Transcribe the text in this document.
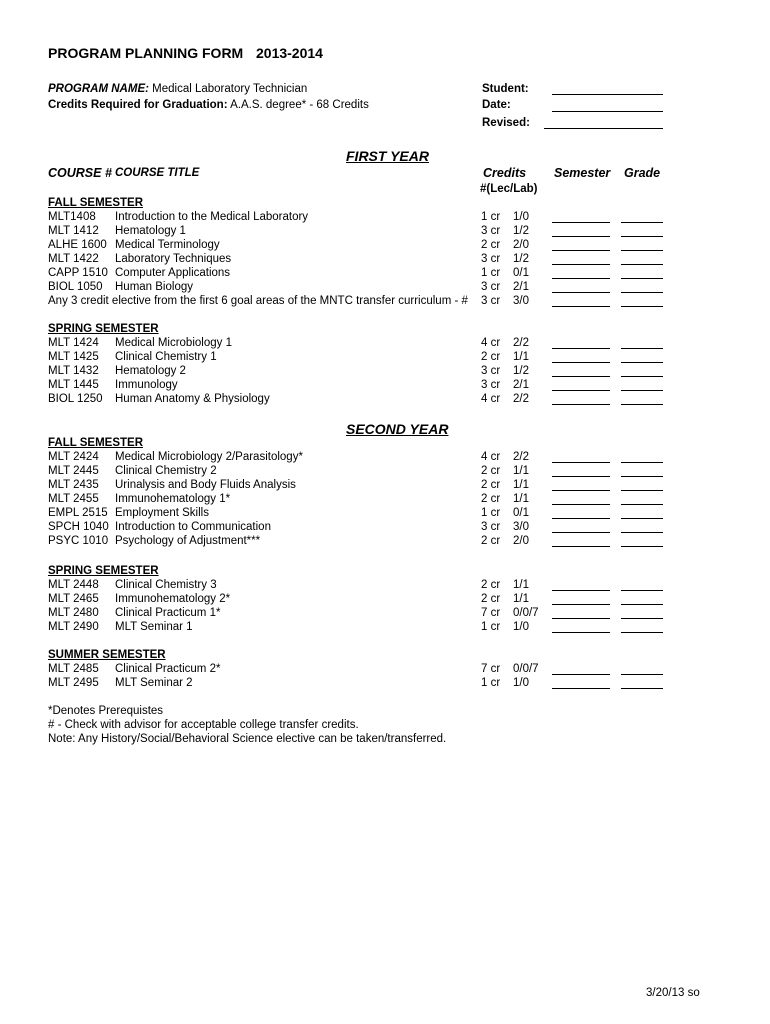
PROGRAM PLANNING FORM 2013-2014
PROGRAM NAME: Medical Laboratory Technician
Credits Required for Graduation: A.A.S. degree* - 68 Credits
Student:
Date:
Revised:
FIRST YEAR
COURSE # COURSE TITLE	Credits
#(Lec/Lab)
Semester Grade
FALL SEMESTER
MLT1408 Introduction to the Medical Laboratory	1 cr 1/0
MLT 1412 Hematology 1	3 cr 1/2
ALHE 1600 Medical Terminology	2 cr 2/0
MLT 1422 Laboratory Techniques	3 cr 1/2
CAPP 1510 Computer Applications	1 cr 0/1
BIOL 1050 Human Biology	3 cr 2/1
Any 3 credit elective from the first 6 goal areas of the MNTC transfer curriculum - # 3 cr 3/0
SPRING SEMESTER
MLT 1424 Medical Microbiology 1	4 cr 2/2
MLT 1425 Clinical Chemistry 1	2 cr 1/1
MLT 1432 Hematology 2	3 cr 1/2
MLT 1445 Immunology	3 cr 2/1
BIOL 1250 Human Anatomy & Physiology	4 cr 2/2
SECOND YEAR
FALL SEMESTER
MLT 2424 Medical Microbiology 2/Parasitology*	4 cr 2/2
MLT 2445 Clinical Chemistry 2	2 cr 1/1
MLT 2435 Urinalysis and Body Fluids Analysis	2 cr 1/1
MLT 2455 Immunohematology 1*	2 cr 1/1
EMPL 2515 Employment Skills	1 cr 0/1
SPCH 1040 Introduction to Communication	3 cr 3/0
PSYC 1010 Psychology of Adjustment***	2 cr 2/0
SPRING SEMESTER
MLT 2448 Clinical Chemistry 3	2 cr 1/1
MLT 2465 Immunohematology 2*	2 cr 1/1
MLT 2480 Clinical Practicum 1*	7 cr 0/0/7
MLT 2490 MLT Seminar 1	1 cr 1/0
SUMMER SEMESTER
MLT 2485 Clinical Practicum 2*	7 cr 0/0/7
MLT 2495 MLT Seminar 2	1 cr 1/0
*Denotes Prerequistes
# - Check with advisor for acceptable college transfer credits.
Note: Any History/Social/Behavioral Science elective can be taken/transferred.
3/20/13 so
